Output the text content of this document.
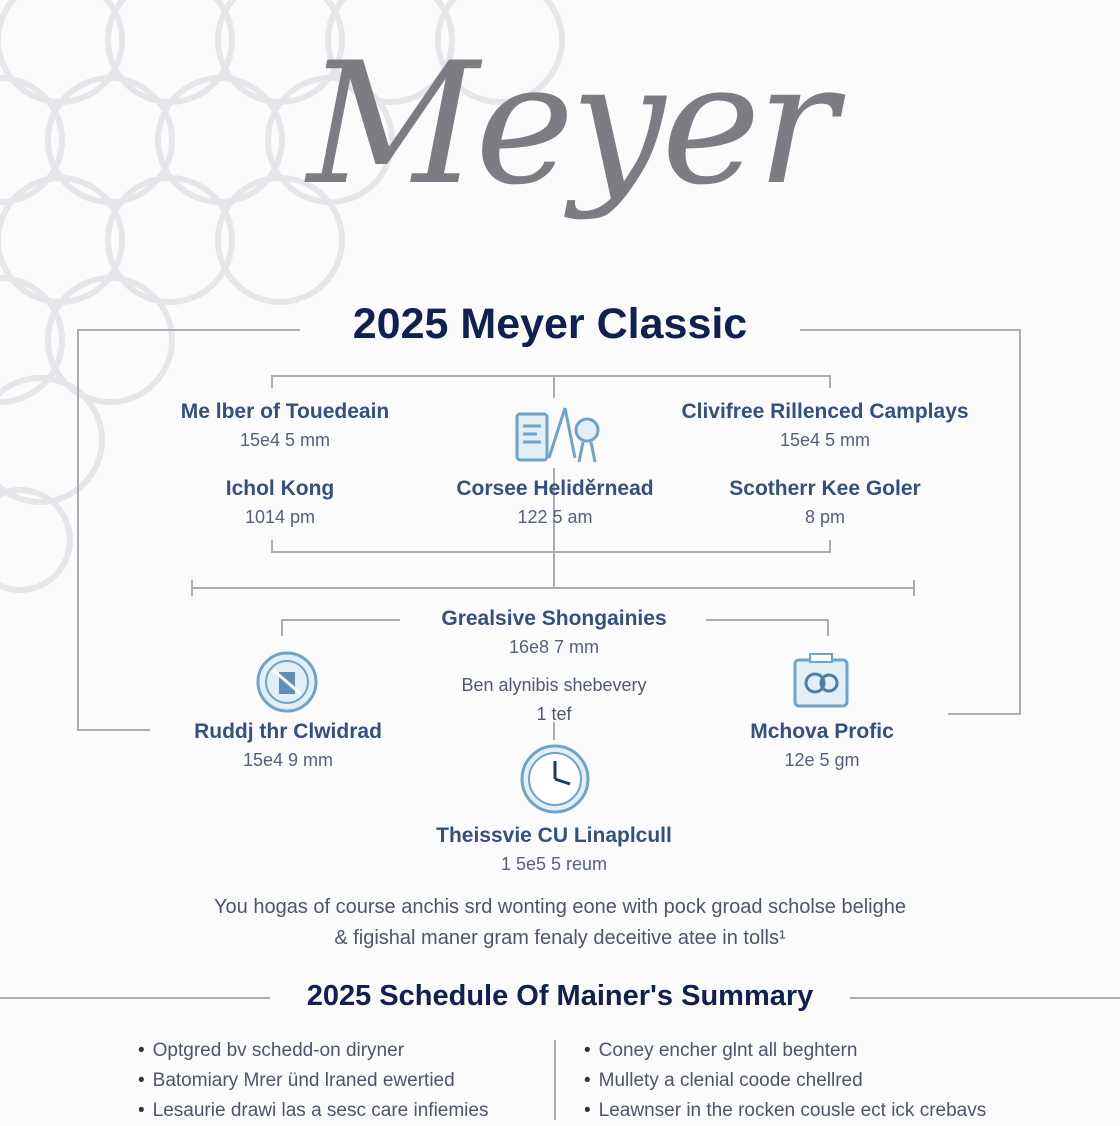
Meyer
2025 Meyer Classic
Me lber of Touedeain
15e4 5 mm
Clivifree Rillenced Camplays
15e4 5 mm
Ichol Kong
1014 pm
Corsee Heliděrnead
122 5 am
Scotherr Kee Goler
8 pm
Grealsive Shongainies
16e8 7 mm
Ben alynibis shebevery
1 tef
Ruddj thr Clwidrad
15e4 9 mm
Mchova Profic
12e 5 gm
Theissvie CU Linaplcull
1 5e5 5 reum
You hogas of course anchis srd wonting eone with pock groad scholse belighe
& figishal maner gram fenaly deceitive atee in tolls¹
2025 Schedule Of Mainer's Summary
• Optgred bv schedd-on diryner
• Batomiary Mrer ünd lraned ewertied
• Lesaurie drawi las a sesc care infiemies
• Coney encher glnt all beghtern
• Mullety a clenial coode chellred
• Leawnser in the rocken cousle ect ick crebavs
